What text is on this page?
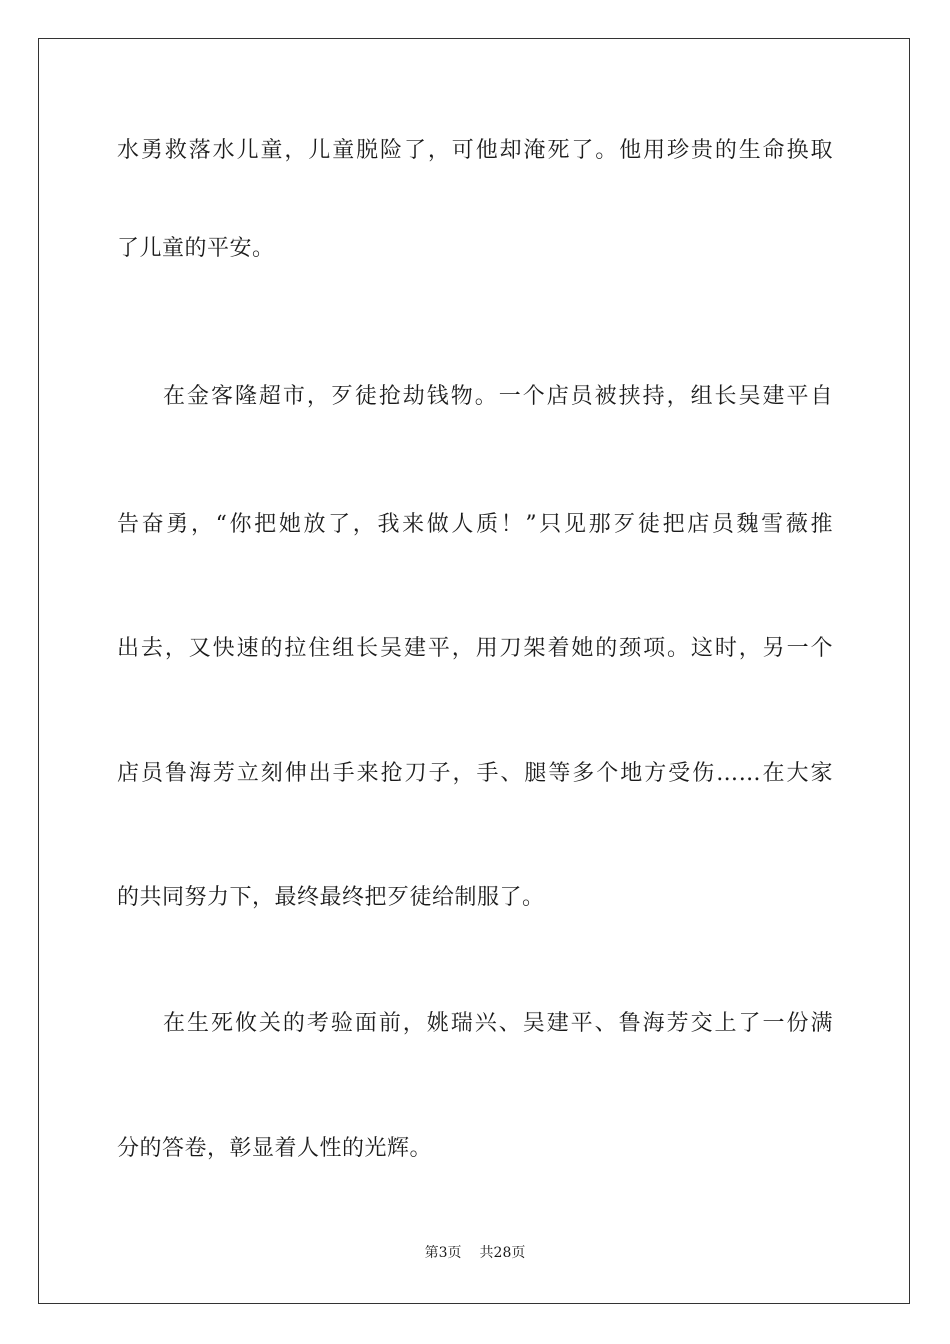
水勇救落水儿童，儿童脱险了，可他却淹死了。他用珍贵的生命换取
了儿童的平安。
在金客隆超市，歹徒抢劫钱物。一个店员被挟持，组长吴建平自
告奋勇，“你把她放了，我来做人质！”只见那歹徒把店员魏雪薇推
出去，又快速的拉住组长吴建平，用刀架着她的颈项。这时，另一个
店员鲁海芳立刻伸出手来抢刀子，手、腿等多个地方受伤……在大家
的共同努力下，最终最终把歹徒给制服了。
在生死攸关的考验面前，姚瑞兴、吴建平、鲁海芳交上了一份满
分的答卷，彰显着人性的光辉。
第3页 共28页
